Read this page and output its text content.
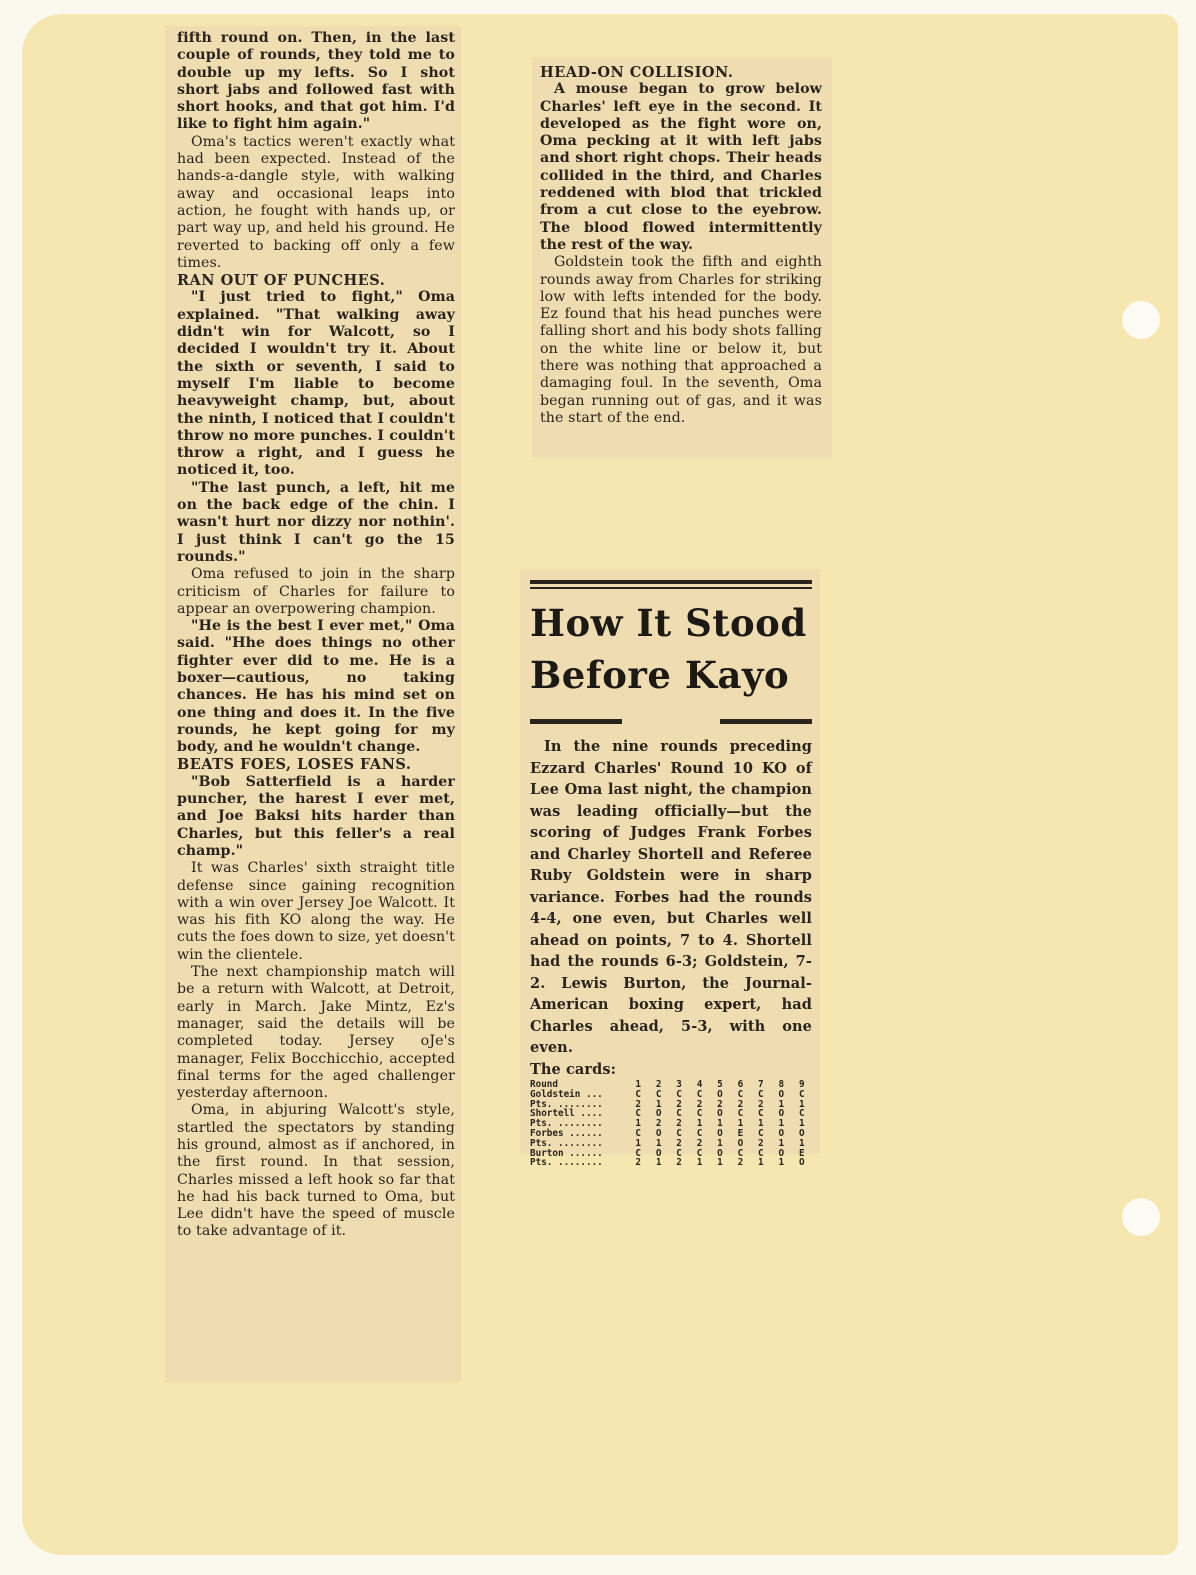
fifth round on. Then, in the last couple of rounds, they told me to double up my lefts. So I shot short jabs and followed fast with short hooks, and that got him. I'd like to fight him again."

Oma's tactics weren't exactly what had been expected. Instead of the hands-a-dangle style, with walking away and occasional leaps into action, he fought with hands up, or part way up, and held his ground. He reverted to backing off only a few times.

RAN OUT OF PUNCHES.

"I just tried to fight," Oma explained. "That walking away didn't win for Walcott, so I decided I wouldn't try it. About the sixth or seventh, I said to myself I'm liable to become heavyweight champ, but, about the ninth, I noticed that I couldn't throw no more punches. I couldn't throw a right, and I guess he noticed it, too.

"The last punch, a left, hit me on the back edge of the chin. I wasn't hurt nor dizzy nor nothin'. I just think I can't go the 15 rounds."

Oma refused to join in the sharp criticism of Charles for failure to appear an overpowering champion.

"He is the best I ever met," Oma said. "Hhe does things no other fighter ever did to me. He is a boxer—cautious, no taking chances. He has his mind set on one thing and does it. In the five rounds, he kept going for my body, and he wouldn't change.

BEATS FOES, LOSES FANS.

"Bob Satterfield is a harder puncher, the harest I ever met, and Joe Baksi hits harder than Charles, but this feller's a real champ."

It was Charles' sixth straight title defense since gaining recognition with a win over Jersey Joe Walcott. It was his fith KO along the way. He cuts the foes down to size, yet doesn't win the clientele.

The next championship match will be a return with Walcott, at Detroit, early in March. Jake Mintz, Ez's manager, said the details will be completed today. Jersey oJe's manager, Felix Bocchicchio, accepted final terms for the aged challenger yesterday afternoon.

Oma, in abjuring Walcott's style, startled the spectators by standing his ground, almost as if anchored, in the first round. In that session, Charles missed a left hook so far that he had his back turned to Oma, but Lee didn't have the speed of muscle to take advantage of it.

HEAD-ON COLLISION.

A mouse began to grow below Charles' left eye in the second. It developed as the fight wore on, Oma pecking at it with left jabs and short right chops. Their heads collided in the third, and Charles reddened with blod that trickled from a cut close to the eyebrow. The blood flowed intermittently the rest of the way.

Goldstein took the fifth and eighth rounds away from Charles for striking low with lefts intended for the body. Ez found that his head punches were falling short and his body shots falling on the white line or below it, but there was nothing that approached a damaging foul. In the seventh, Oma began running out of gas, and it was the start of the end.

How It Stood
Before Kayo

In the nine rounds preceding Ezzard Charles' Round 10 KO of Lee Oma last night, the champion was leading officially—but the scoring of Judges Frank Forbes and Charley Shortell and Referee Ruby Goldstein were in sharp variance. Forbes had the rounds 4-4, one even, but Charles well ahead on points, 7 to 4. Shortell had the rounds 6-3; Goldstein, 7-2. Lewis Burton, the Journal-American boxing expert, had Charles ahead, 5-3, with one even.

The cards:

Round	1	2	3	4	5	6	7	8	9
Goldstein ...	C	C	C	C	O	C	C	O	C
Pts. ........	2	1	2	2	2	2	2	1	1
Shortell ....	C	O	C	C	O	C	C	O	C
Pts. ........	1	2	2	1	1	1	1	1	1
Forbes ......	C	O	C	C	O	E	C	O	O
Pts. ........	1	1	2	2	1	O	2	1	1
Burton ......	C	O	C	C	O	C	C	O	E
Pts. ........	2	1	2	1	1	2	1	1	O
